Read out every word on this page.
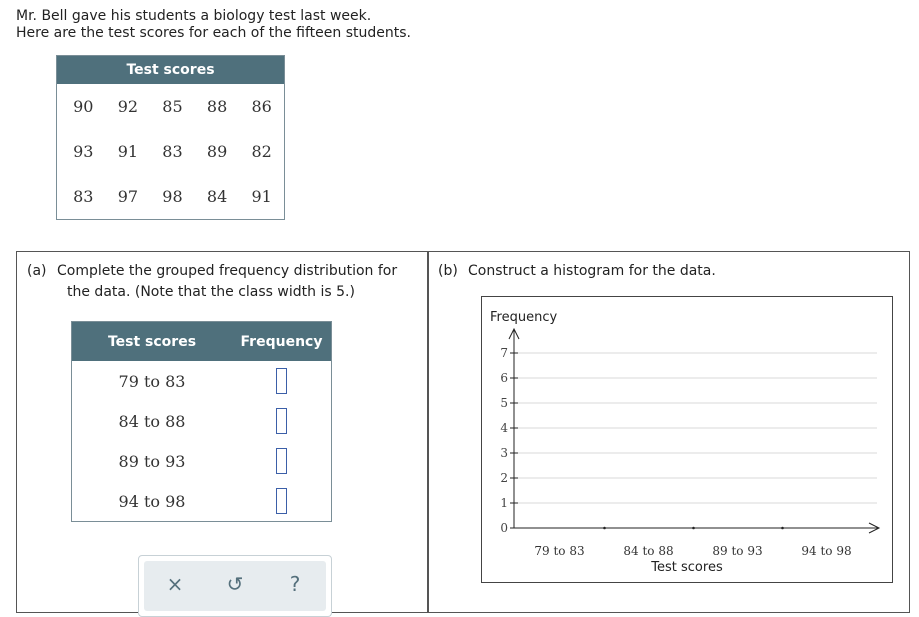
Mr. Bell gave his students a biology test last week.
Here are the test scores for each of the fifteen students.
Test scores
90	92	85	88	86
93	91	83	89	82
83	97	98	84	91
(a) Complete the grouped frequency distribution for
the data. (Note that the class width is 5.)
Test scores	Frequency
79 to 83
84 to 88
89 to 93
94 to 98
× ↺ ?
(b) Construct a histogram for the data.
Frequency
0
1
2
3
4
5
6
7
79 to 83	84 to 88	89 to 93	94 to 98
Test scores
